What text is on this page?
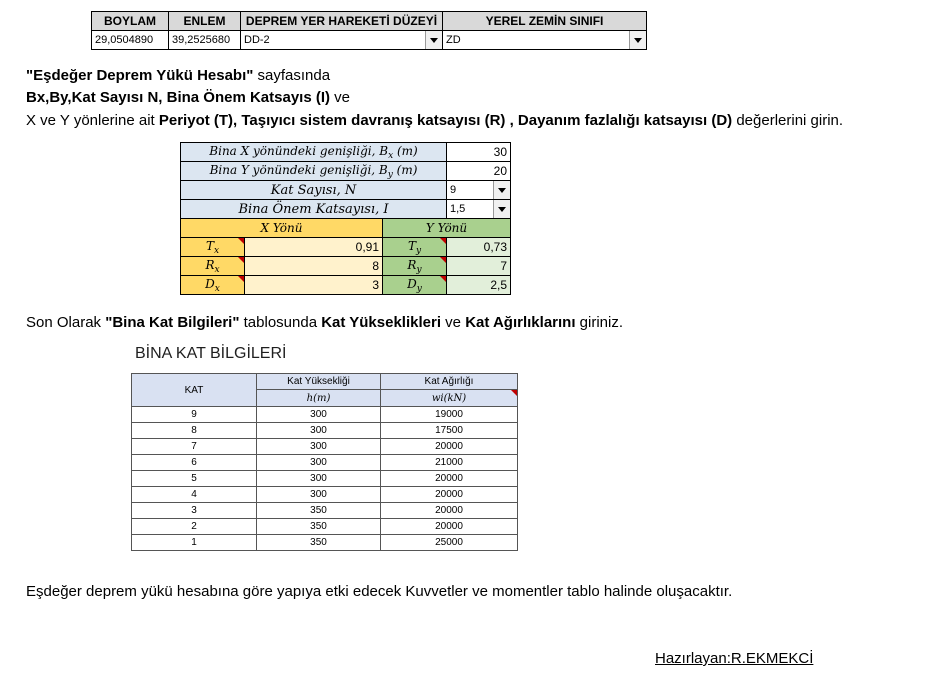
BOYLAM	ENLEM	DEPREM YER HAREKETİ DÜZEYİ	YEREL ZEMİN SINIFI
29,0504890	39,2525680	DD-2	ZD
"Eşdeğer Deprem Yükü Hesabı" sayfasında
Bx,By,Kat Sayısı N, Bina Önem Katsayıs (I) ve
X ve Y yönlerine ait Periyot (T), Taşıyıcı sistem davranış katsayısı (R) , Dayanım fazlalığı katsayısı (D) değerlerini girin.
Bina X yönündeki genişliği, $B_x$ (m)			30
Bina Y yönündeki genişliği, $B_y$ (m)			20
Kat Sayısı, N			9

Bina Önem Katsayısı, I			1,5

X Yönü		Y Yönü	
$T_x$	0,91	$T_y$	0,73
$R_x$	8	$R_y$	7
$D_x$	3	$D_y$	2,5
Son Olarak "Bina Kat Bilgileri" tablosunda Kat Yükseklikleri ve Kat Ağırlıklarını giriniz.
BİNA KAT BİLGİLERİ
KAT	Kat Yüksekliği	Kat Ağırlığı
	h(m)	wi(kN)

9	300	19000
8	300	17500
7	300	20000
6	300	21000
5	300	20000
4	300	20000
3	350	20000
2	350	20000
1	350	25000
Eşdeğer deprem yükü hesabına göre yapıya etki edecek Kuvvetler ve momentler tablo halinde oluşacaktır.
Hazırlayan:R.EKMEKCİ
